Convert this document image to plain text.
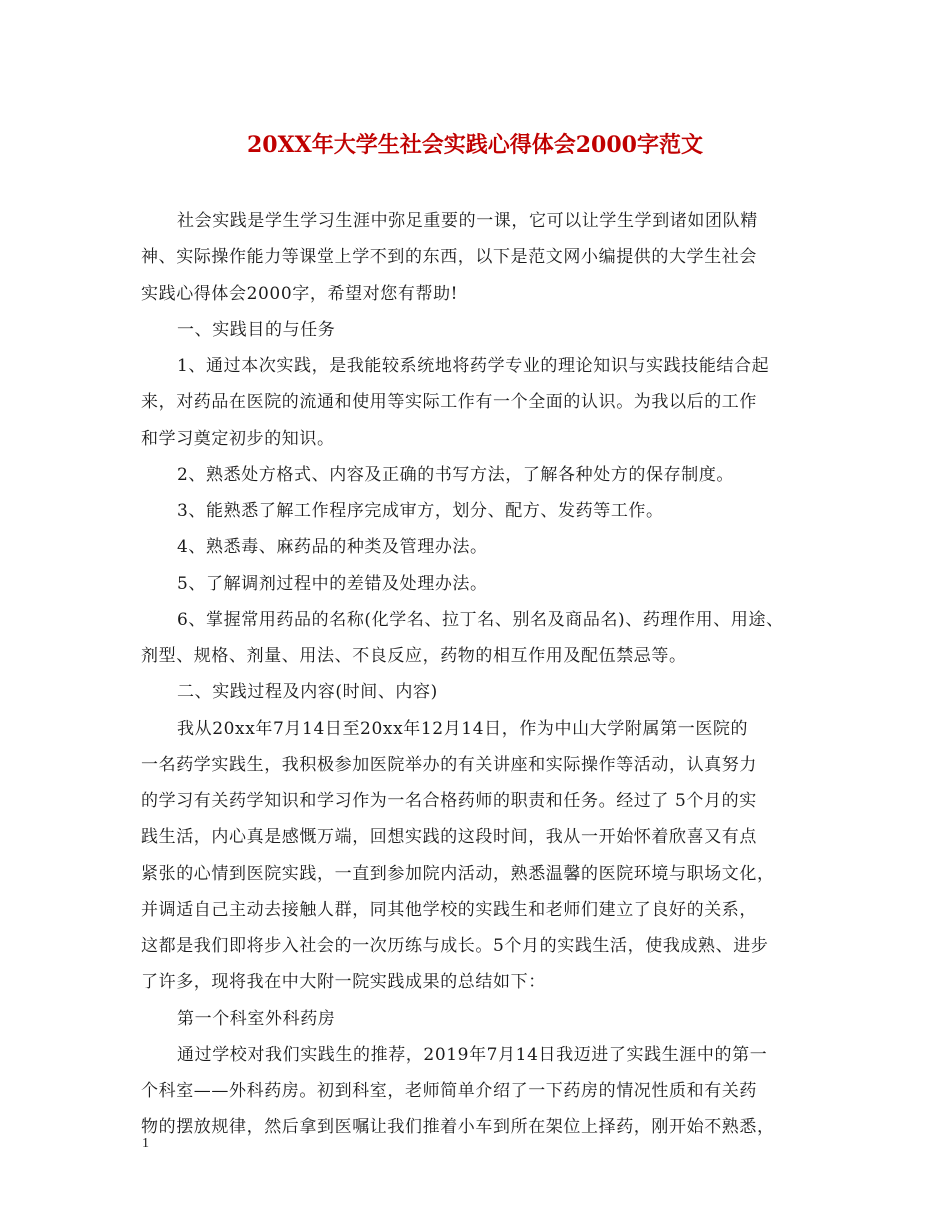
20XX年大学生社会实践心得体会2000字范文
社会实践是学生学习生涯中弥足重要的一课，它可以让学生学到诸如团队精
神、实际操作能力等课堂上学不到的东西，以下是范文网小编提供的大学生社会
实践心得体会2000字，希望对您有帮助!
一、实践目的与任务
1、通过本次实践，是我能较系统地将药学专业的理论知识与实践技能结合起
来，对药品在医院的流通和使用等实际工作有一个全面的认识。为我以后的工作
和学习奠定初步的知识。
2、熟悉处方格式、内容及正确的书写方法，了解各种处方的保存制度。
3、能熟悉了解工作程序完成审方，划分、配方、发药等工作。
4、熟悉毒、麻药品的种类及管理办法。
5、了解调剂过程中的差错及处理办法。
6、掌握常用药品的名称(化学名、拉丁名、别名及商品名)、药理作用、用途、
剂型、规格、剂量、用法、不良反应，药物的相互作用及配伍禁忌等。
二、实践过程及内容(时间、内容)
我从20xx年7月14日至20xx年12月14日，作为中山大学附属第一医院的
一名药学实践生，我积极参加医院举办的有关讲座和实际操作等活动，认真努力
的学习有关药学知识和学习作为一名合格药师的职责和任务。经过了 5个月的实
践生活，内心真是感慨万端，回想实践的这段时间，我从一开始怀着欣喜又有点
紧张的心情到医院实践，一直到参加院内活动，熟悉温馨的医院环境与职场文化，
并调适自己主动去接触人群，同其他学校的实践生和老师们建立了良好的关系，
这都是我们即将步入社会的一次历练与成长。5个月的实践生活，使我成熟、进步
了许多，现将我在中大附一院实践成果的总结如下：
第一个科室外科药房
通过学校对我们实践生的推荐，2019年7月14日我迈进了实践生涯中的第一
个科室——外科药房。初到科室，老师简单介绍了一下药房的情况性质和有关药
物的摆放规律，然后拿到医嘱让我们推着小车到所在架位上择药，刚开始不熟悉，
1
